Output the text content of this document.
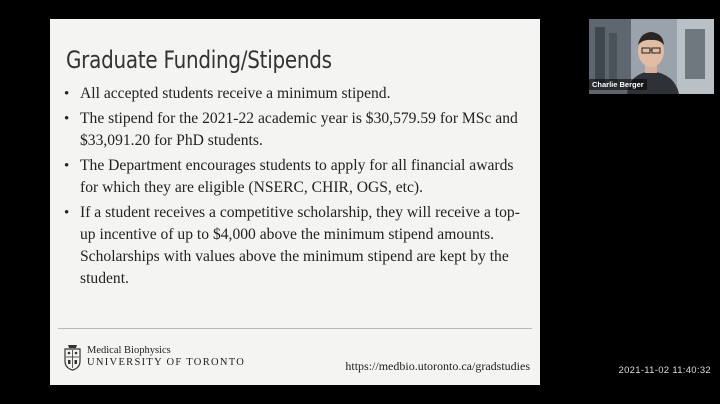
Graduate Funding/Stipends
• All accepted students receive a minimum stipend.
• The stipend for the 2021-22 academic year is $30,579.59 for MSc and $33,091.20 for PhD students.
• The Department encourages students to apply for all financial awards for which they are eligible (NSERC, CHIR, OGS, etc).
• If a student receives a competitive scholarship, they will receive a top-up incentive of up to $4,000 above the minimum stipend amounts. Scholarships with values above the minimum stipend are kept by the student.
Medical Biophysics
UNIVERSITY OF TORONTO	https://medbio.utoronto.ca/gradstudies
Charlie Berger
2021-11-02 11:40:32
